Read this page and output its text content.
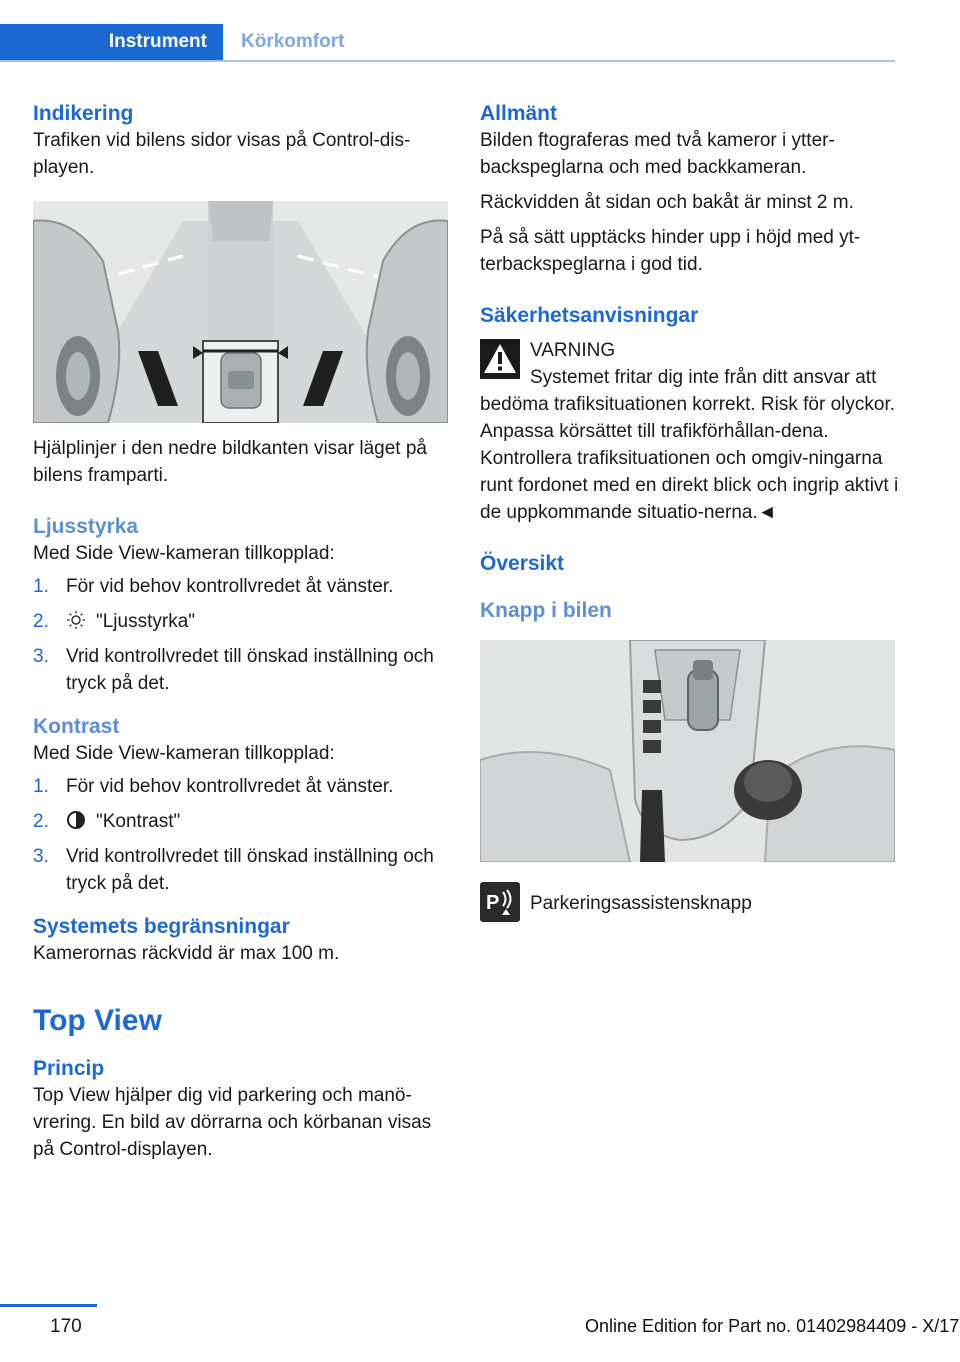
Instrument	Körkomfort
Indikering

Trafiken vid bilens sidor visas på Control-dis-playen.

Hjälplinjer i den nedre bildkanten visar läget på bilens framparti.

Ljusstyrka

Med Side View-kameran tillkopplad:

1. För vid behov kontrollvredet åt vänster.
2.	"Ljusstyrka"
3. Vrid kontrollvredet till önskad inställning och tryck på det.
Kontrast

Med Side View-kameran tillkopplad:

1. För vid behov kontrollvredet åt vänster.
2.	"Kontrast"
3. Vrid kontrollvredet till önskad inställning och tryck på det.
Systemets begränsningar

Kamerornas räckvidd är max 100 m.

Top View
Princip

Top View hjälper dig vid parkering och manö-vrering. En bild av dörrarna och körbanan visas på Control-displayen.

Allmänt

Bilden ftograferas med två kameror i ytter-backspeglarna och med backkameran.

Räckvidden åt sidan och bakåt är minst 2 m.

På så sätt upptäcks hinder upp i höjd med yt-terbackspeglarna i god tid.

Säkerhetsanvisningar
VARNING
Systemet fritar dig inte från ditt ansvar att bedöma trafiksituationen korrekt. Risk för olyckor. Anpassa körsättet till trafikförhållan-dena. Kontrollera trafiksituationen och omgiv-ningarna runt fordonet med en direkt blick och ingrip aktivt i de uppkommande situatio-nerna.◄
Översikt
Knapp i bilen
P Parkeringsassistensknapp
170	Online Edition for Part no. 01402984409 - X/17
